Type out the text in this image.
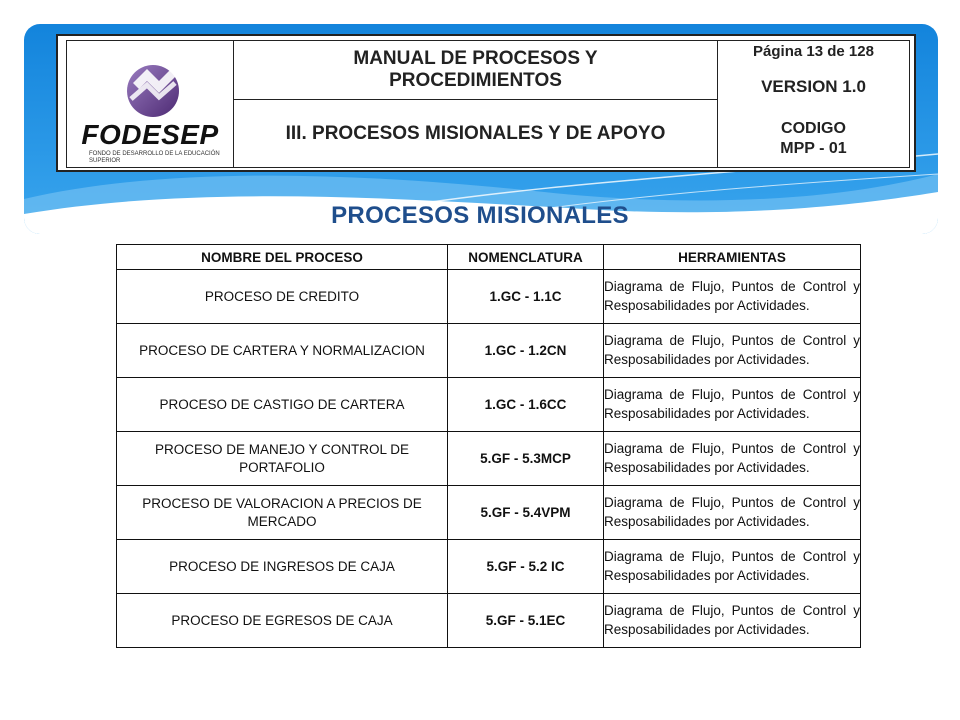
FODESEP
FONDO DE DESARROLLO DE LA EDUCACIÓN SUPERIOR
MANUAL DE PROCESOS Y PROCEDIMIENTOS
III. PROCESOS MISIONALES Y DE APOYO
Página 13 de 128
VERSION 1.0
CODIGO
MPP - 01
PROCESOS MISIONALES
NOMBRE DEL PROCESO	NOMENCLATURA	HERRAMIENTAS
PROCESO DE CREDITO	1.GC - 1.1C	Diagrama de Flujo, Puntos de Control y Resposabilidades por Actividades.
PROCESO DE CARTERA Y NORMALIZACION	1.GC - 1.2CN	Diagrama de Flujo, Puntos de Control y Resposabilidades por Actividades.
PROCESO DE CASTIGO DE CARTERA	1.GC - 1.6CC	Diagrama de Flujo, Puntos de Control y Resposabilidades por Actividades.
PROCESO DE MANEJO Y CONTROL DE PORTAFOLIO	5.GF - 5.3MCP	Diagrama de Flujo, Puntos de Control y Resposabilidades por Actividades.
PROCESO DE VALORACION A PRECIOS DE MERCADO	5.GF - 5.4VPM	Diagrama de Flujo, Puntos de Control y Resposabilidades por Actividades.
PROCESO DE INGRESOS DE CAJA	5.GF - 5.2 IC	Diagrama de Flujo, Puntos de Control y Resposabilidades por Actividades.
PROCESO DE EGRESOS DE CAJA	5.GF - 5.1EC	Diagrama de Flujo, Puntos de Control y Resposabilidades por Actividades.
